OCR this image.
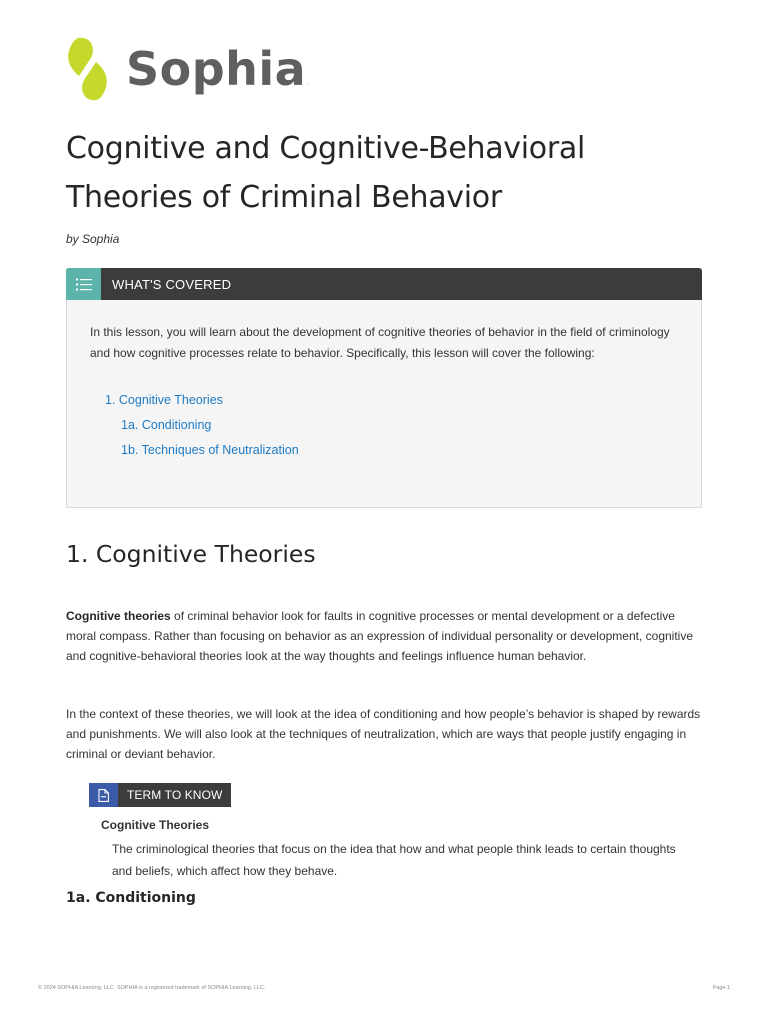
Sophia .
Cognitive and Cognitive-Behavioral
Theories of Criminal Behavior
by Sophia
WHAT'S COVERED

In this lesson, you will learn about the development of cognitive theories of behavior in the field of criminology and how cognitive processes relate to behavior. Specifically, this lesson will cover the following:

1. Cognitive Theories
1a. Conditioning
1b. Techniques of Neutralization
1. Cognitive Theories

Cognitive theories of criminal behavior look for faults in cognitive processes or mental development or a defective moral compass. Rather than focusing on behavior as an expression of individual personality or development, cognitive and cognitive-behavioral theories look at the way thoughts and feelings influence human behavior.

In the context of these theories, we will look at the idea of conditioning and how people’s behavior is shaped by rewards and punishments. We will also look at the techniques of neutralization, which are ways that people justify engaging in criminal or deviant behavior.

TERM TO KNOW
Cognitive Theories

The criminological theories that focus on the idea that how and what people think leads to certain thoughts and beliefs, which affect how they behave.

1a. Conditioning
© 2024 SOPHIA Learning, LLC. SOPHIA is a registered trademark of SOPHIA Learning, LLC.	Page 1
